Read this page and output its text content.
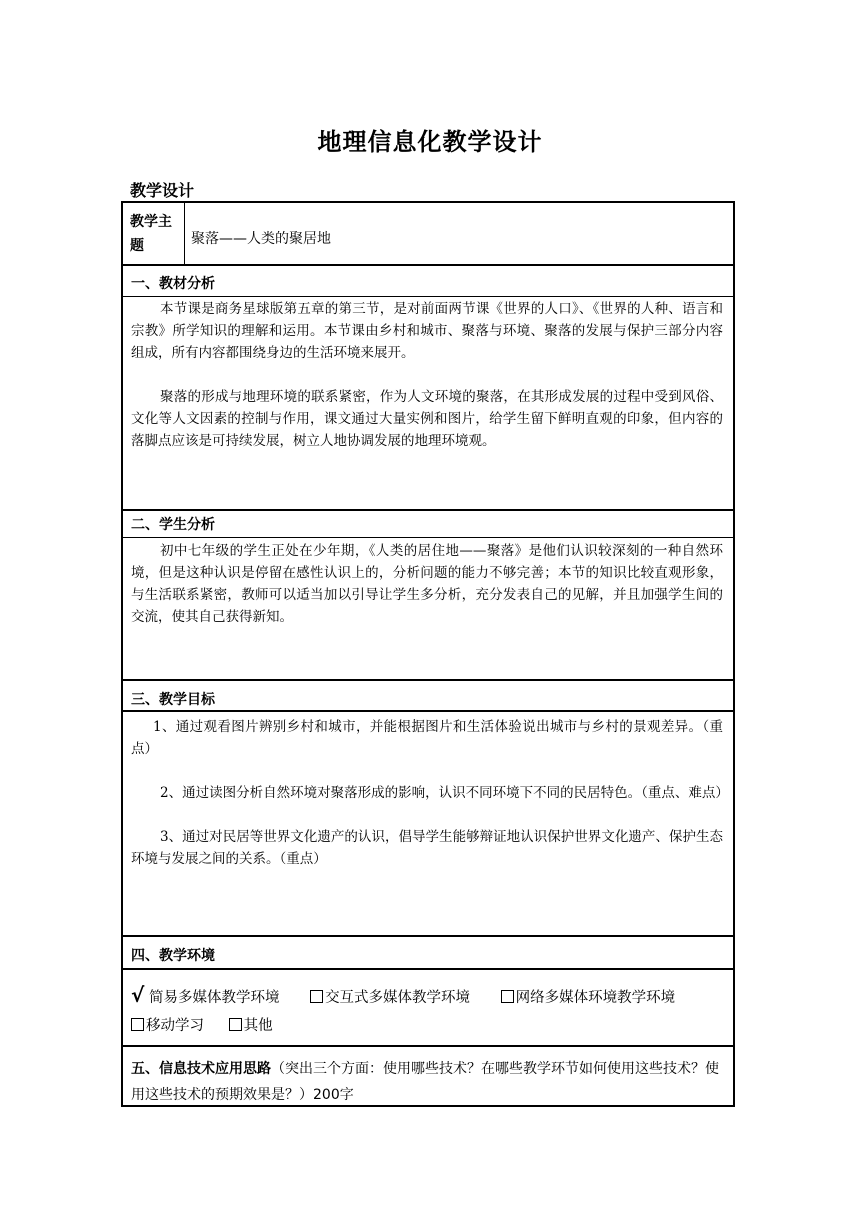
地理信息化教学设计
教学设计
教学主
题	聚落——人类的聚居地
一、教材分析

本节课是商务星球版第五章的第三节，是对前面两节课《世界的人口》、《世界的人种、语言和宗教》所学知识的理解和运用。本节课由乡村和城市、聚落与环境、聚落的发展与保护三部分内容组成，所有内容都围绕身边的生活环境来展开。

聚落的形成与地理环境的联系紧密，作为人文环境的聚落，在其形成发展的过程中受到风俗、文化等人文因素的控制与作用，课文通过大量实例和图片，给学生留下鲜明直观的印象，但内容的落脚点应该是可持续发展，树立人地协调发展的地理环境观。

二、学生分析

初中七年级的学生正处在少年期，《人类的居住地——聚落》是他们认识较深刻的一种自然环境，但是这种认识是停留在感性认识上的，分析问题的能力不够完善；本节的知识比较直观形象，与生活联系紧密，教师可以适当加以引导让学生多分析，充分发表自己的见解，并且加强学生间的交流，使其自己获得新知。

三、教学目标

1、通过观看图片辨别乡村和城市，并能根据图片和生活体验说出城市与乡村的景观差异。（重点）

2、通过读图分析自然环境对聚落形成的影响，认识不同环境下不同的民居特色。（重点、难点）

3、通过对民居等世界文化遗产的认识，倡导学生能够辩证地认识保护世界文化遗产、保护生态环境与发展之间的关系。（重点）

四、教学环境
√ 简易多媒体教学环境	交互式多媒体教学环境	网络多媒体环境教学环境
移动学习	其他
五、信息技术应用思路（突出三个方面：使用哪些技术？在哪些教学环节如何使用这些技术？使用这些技术的预期效果是？）200字
